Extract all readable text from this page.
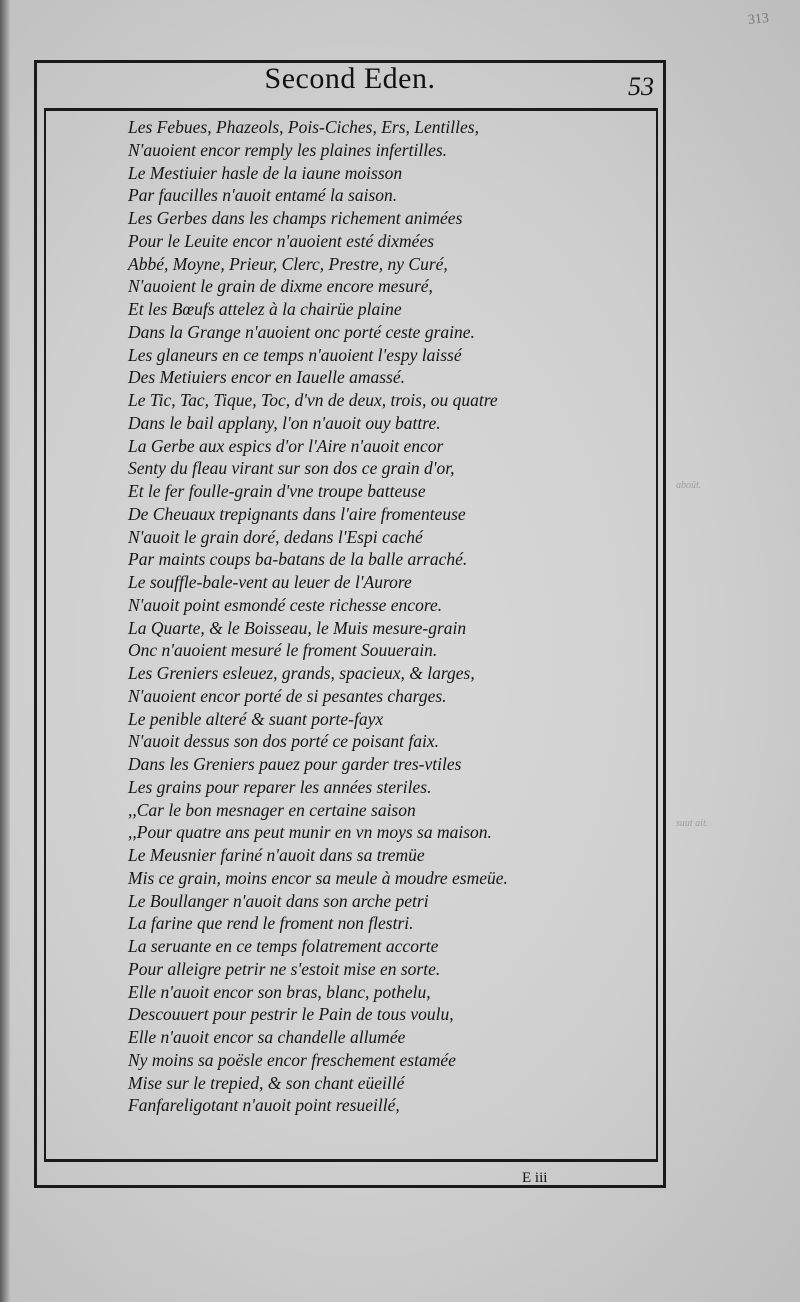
313
Second Eden.	53
Les Febues, Phazeols, Pois-Ciches, Ers, Lentilles,
N'auoient encor remply les plaines infertilles.
Le Mestiuier hasle de la iaune moisson
Par faucilles n'auoit entamé la saison.
Les Gerbes dans les champs richement animées
Pour le Leuite encor n'auoient esté dixmées
Abbé, Moyne, Prieur, Clerc, Prestre, ny Curé,
N'auoient le grain de dixme encore mesuré,
Et les Bœufs attelez à la chairüe plaine
Dans la Grange n'auoient onc porté ceste graine.
Les glaneurs en ce temps n'auoient l'espy laissé
Des Metiuiers encor en Iauelle amassé.
Le Tic, Tac, Tique, Toc, d'vn de deux, trois, ou quatre
Dans le bail applany, l'on n'auoit ouy battre.
La Gerbe aux espics d'or l'Aire n'auoit encor
Senty du fleau virant sur son dos ce grain d'or,
Et le fer foulle-grain d'vne troupe batteuse
De Cheuaux trepignants dans l'aire fromenteuse
N'auoit le grain doré, dedans l'Espi caché
Par maints coups ba-batans de la balle arraché.
Le souffle-bale-vent au leuer de l'Aurore
N'auoit point esmondé ceste richesse encore.
La Quarte, & le Boisseau, le Muis mesure-grain
Onc n'auoient mesuré le froment Souuerain.
Les Greniers esleuez, grands, spacieux, & larges,
N'auoient encor porté de si pesantes charges.
Le penible alteré & suant porte-fayx
N'auoit dessus son dos porté ce poisant faix.
Dans les Greniers pauez pour garder tres-vtiles
Les grains pour reparer les années steriles.
,,Car le bon mesnager en certaine saison
,,Pour quatre ans peut munir en vn moys sa maison.
Le Meusnier fariné n'auoit dans sa tremüe
Mis ce grain, moins encor sa meule à moudre esmeüe.
Le Boullanger n'auoit dans son arche petri
La farine que rend le froment non flestri.
La seruante en ce temps folatrement accorte
Pour alleigre petrir ne s'estoit mise en sorte.
Elle n'auoit encor son bras, blanc, pothelu,
Descouuert pour pestrir le Pain de tous voulu,
Elle n'auoit encor sa chandelle allumée
Ny moins sa poësle encor freschement estamée
Mise sur le trepied, & son chant eüeillé
Fanfareligotant n'auoit point resueillé,
aboüt.
suut ait.
E iii
